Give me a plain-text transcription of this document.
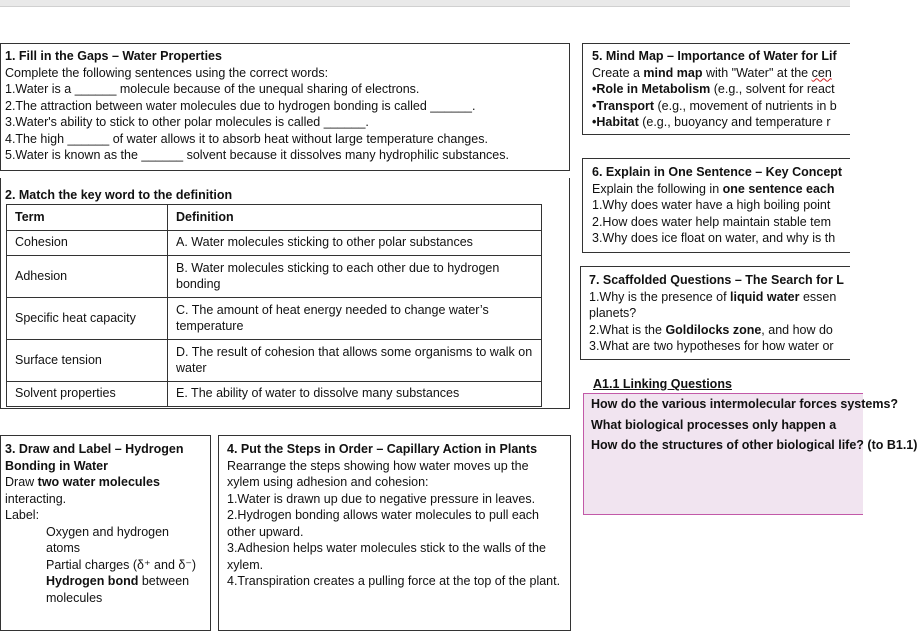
1. Fill in the Gaps – Water Properties
Complete the following sentences using the correct words:
1.Water is a ______ molecule because of the unequal sharing of electrons.
2.The attraction between water molecules due to hydrogen bonding is called ______.
3.Water's ability to stick to other polar molecules is called ______.
4.The high ______ of water allows it to absorb heat without large temperature changes.
5.Water is known as the ______ solvent because it dissolves many hydrophilic substances.
2. Match the key word to the definition
Term	Definition
Cohesion	A. Water molecules sticking to other polar substances
Adhesion	B. Water molecules sticking to each other due to hydrogen bonding
Specific heat capacity	C. The amount of heat energy needed to change water’s temperature
Surface tension	D. The result of cohesion that allows some organisms to walk on water
Solvent properties	E. The ability of water to dissolve many substances
3. Draw and Label – Hydrogen Bonding in Water
Draw two water molecules interacting.
Label:
Oxygen and hydrogen atoms
Partial charges (δ⁺ and δ⁻)
Hydrogen bond between molecules
4. Put the Steps in Order – Capillary Action in Plants
Rearrange the steps showing how water moves up the xylem using adhesion and cohesion:
1.Water is drawn up due to negative pressure in leaves.
2.Hydrogen bonding allows water molecules to pull each other upward.
3.Adhesion helps water molecules stick to the walls of the xylem.
4.Transpiration creates a pulling force at the top of the plant.
5. Mind Map – Importance of Water for Lif
Create a mind map with "Water" at the cen
•Role in Metabolism (e.g., solvent for react
•Transport (e.g., movement of nutrients in b
•Habitat (e.g., buoyancy and temperature r
6. Explain in One Sentence – Key Concept
Explain the following in one sentence each
1.Why does water have a high boiling point
2.How does water help maintain stable tem
3.Why does ice float on water, and why is th
7. Scaffolded Questions – The Search for L
1.Why is the presence of liquid water essen
planets?
2.What is the Goldilocks zone, and how do
3.What are two hypotheses for how water or
A1.1 Linking Questions
How do the various intermolecular forces systems?
What biological processes only happen a
How do the structures of other biological life? (to B1.1)
